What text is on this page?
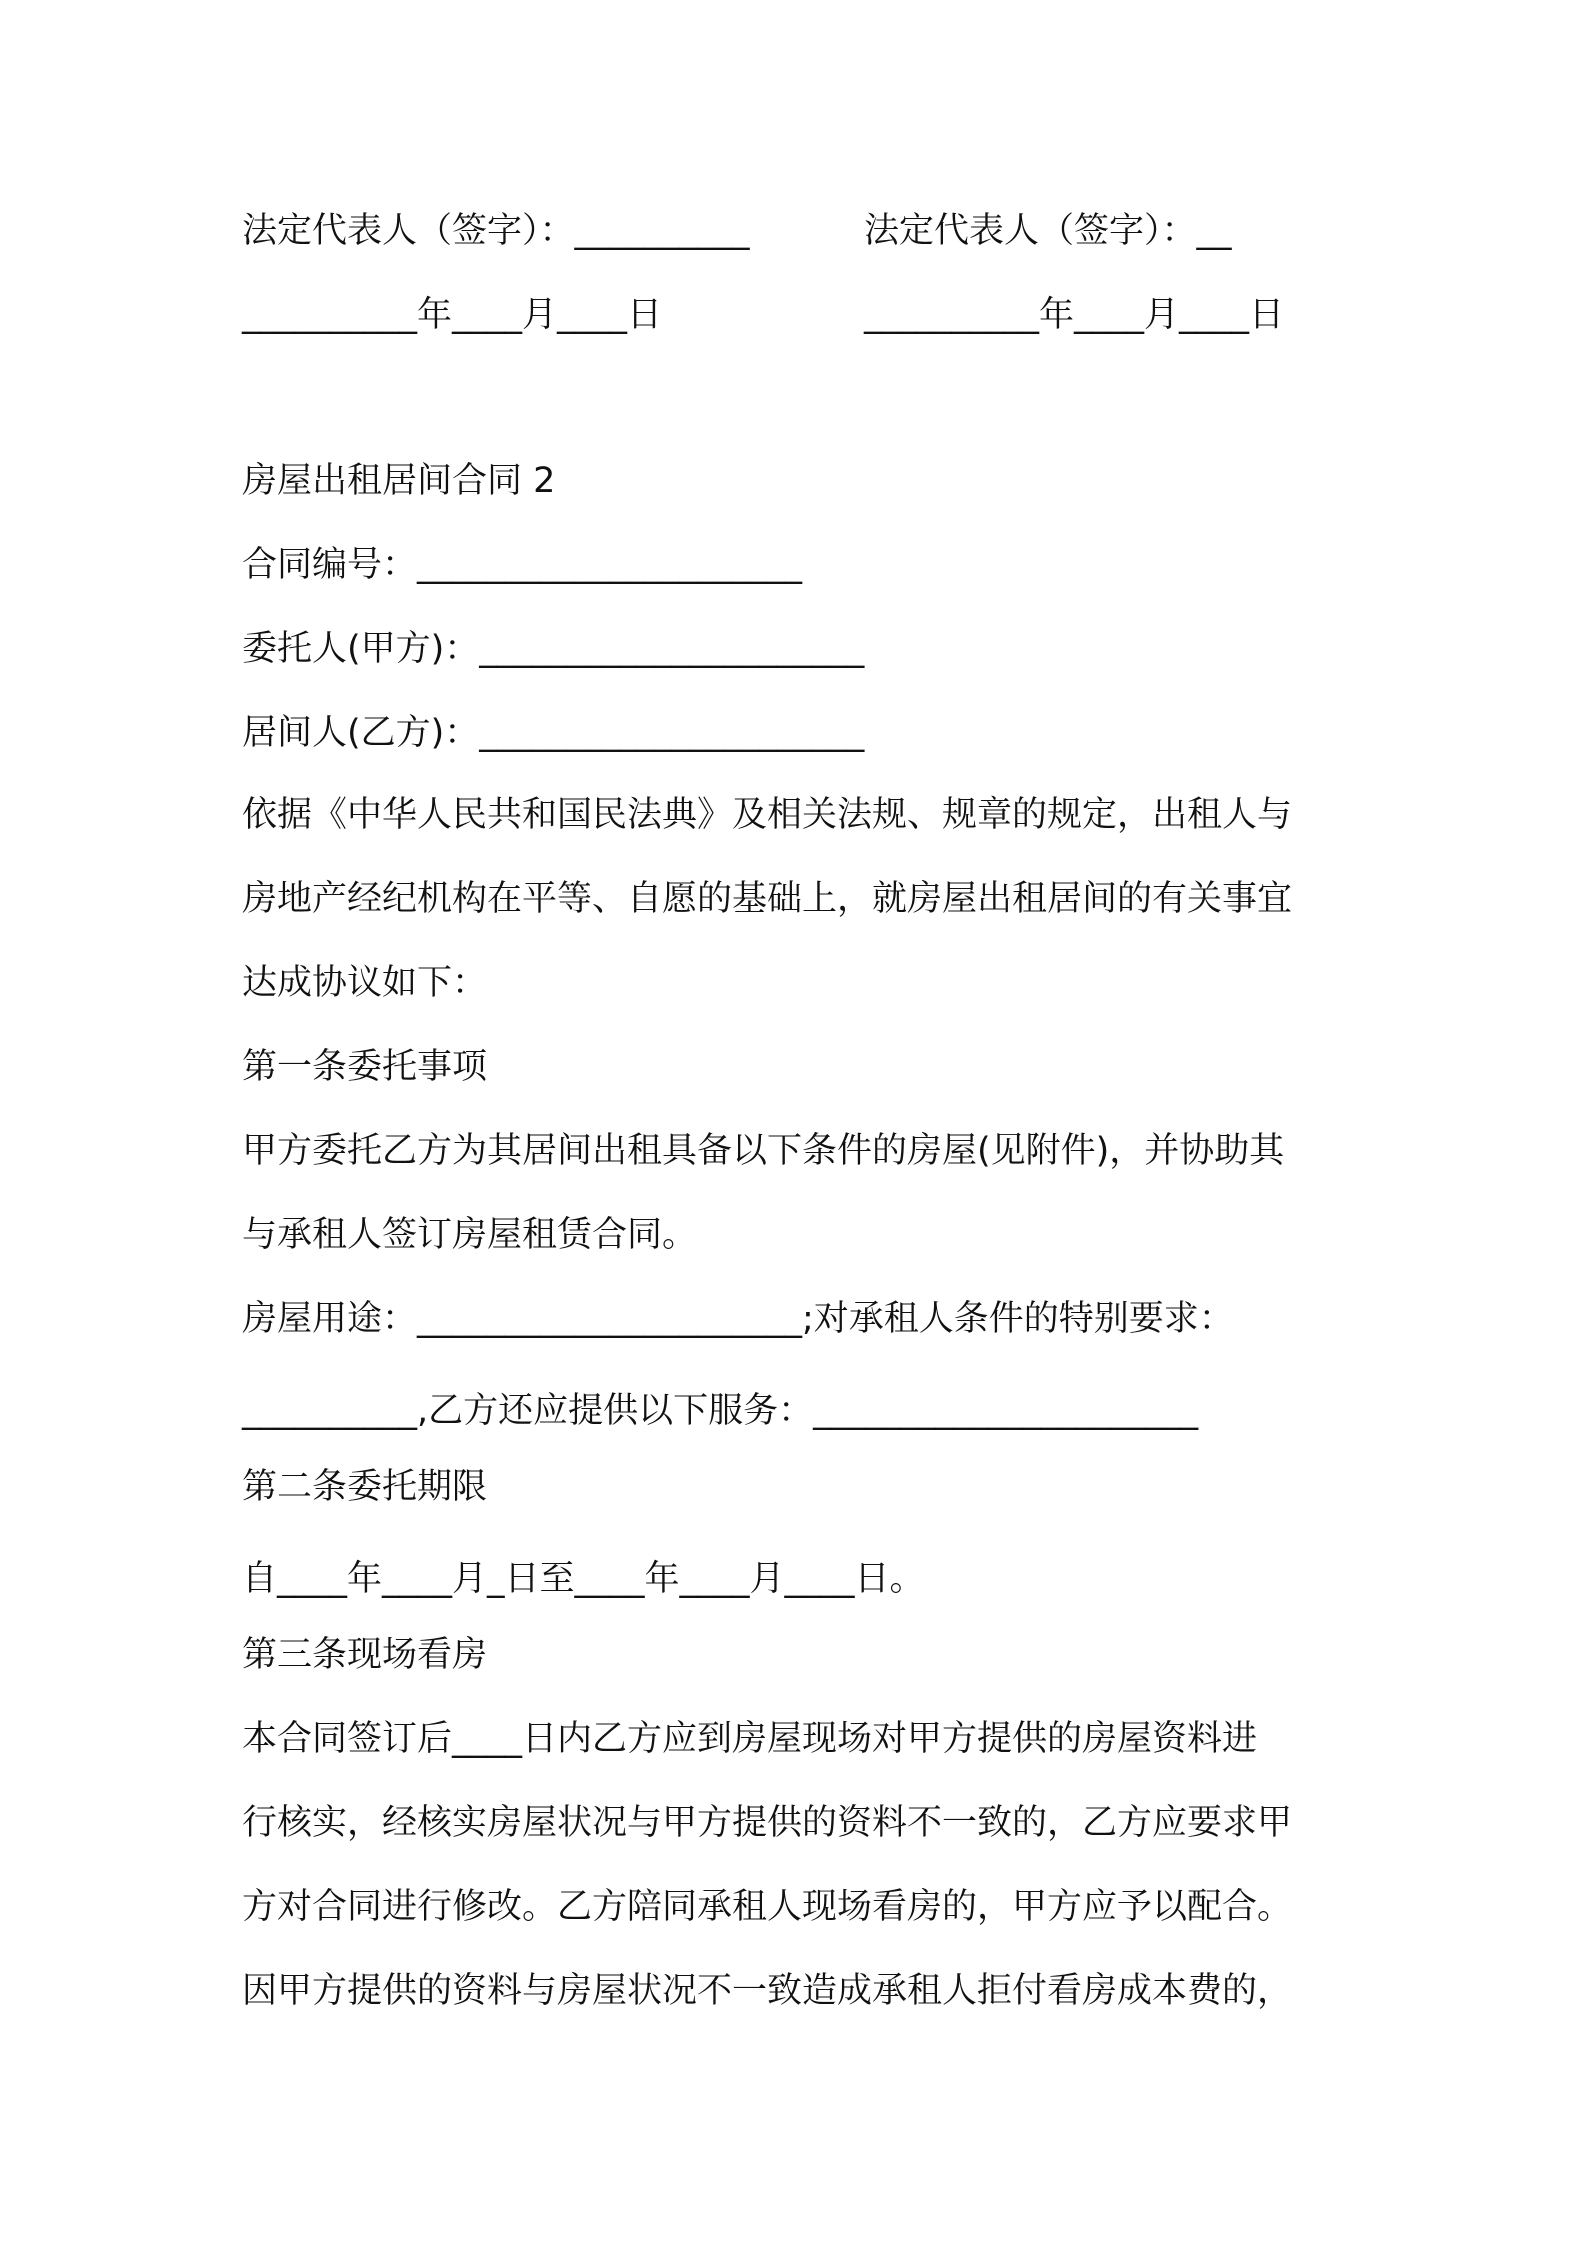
法定代表人（签字）：__________	法定代表人（签字）：__
__________年____月____日	__________年____月____日
房屋出租居间合同 2
合同编号：______________________
委托人(甲方)：______________________
居间人(乙方)：______________________
依据《中华人民共和国民法典》及相关法规、规章的规定，出租人与
房地产经纪机构在平等、自愿的基础上，就房屋出租居间的有关事宜
达成协议如下：
第一条委托事项
甲方委托乙方为其居间出租具备以下条件的房屋(见附件)，并协助其
与承租人签订房屋租赁合同。
房屋用途：______________________;对承租人条件的特别要求：
__________,乙方还应提供以下服务：______________________
第二条委托期限
自____年____月_日至____年____月____日。
第三条现场看房
本合同签订后____日内乙方应到房屋现场对甲方提供的房屋资料进
行核实，经核实房屋状况与甲方提供的资料不一致的，乙方应要求甲
方对合同进行修改。乙方陪同承租人现场看房的，甲方应予以配合。
因甲方提供的资料与房屋状况不一致造成承租人拒付看房成本费的，
